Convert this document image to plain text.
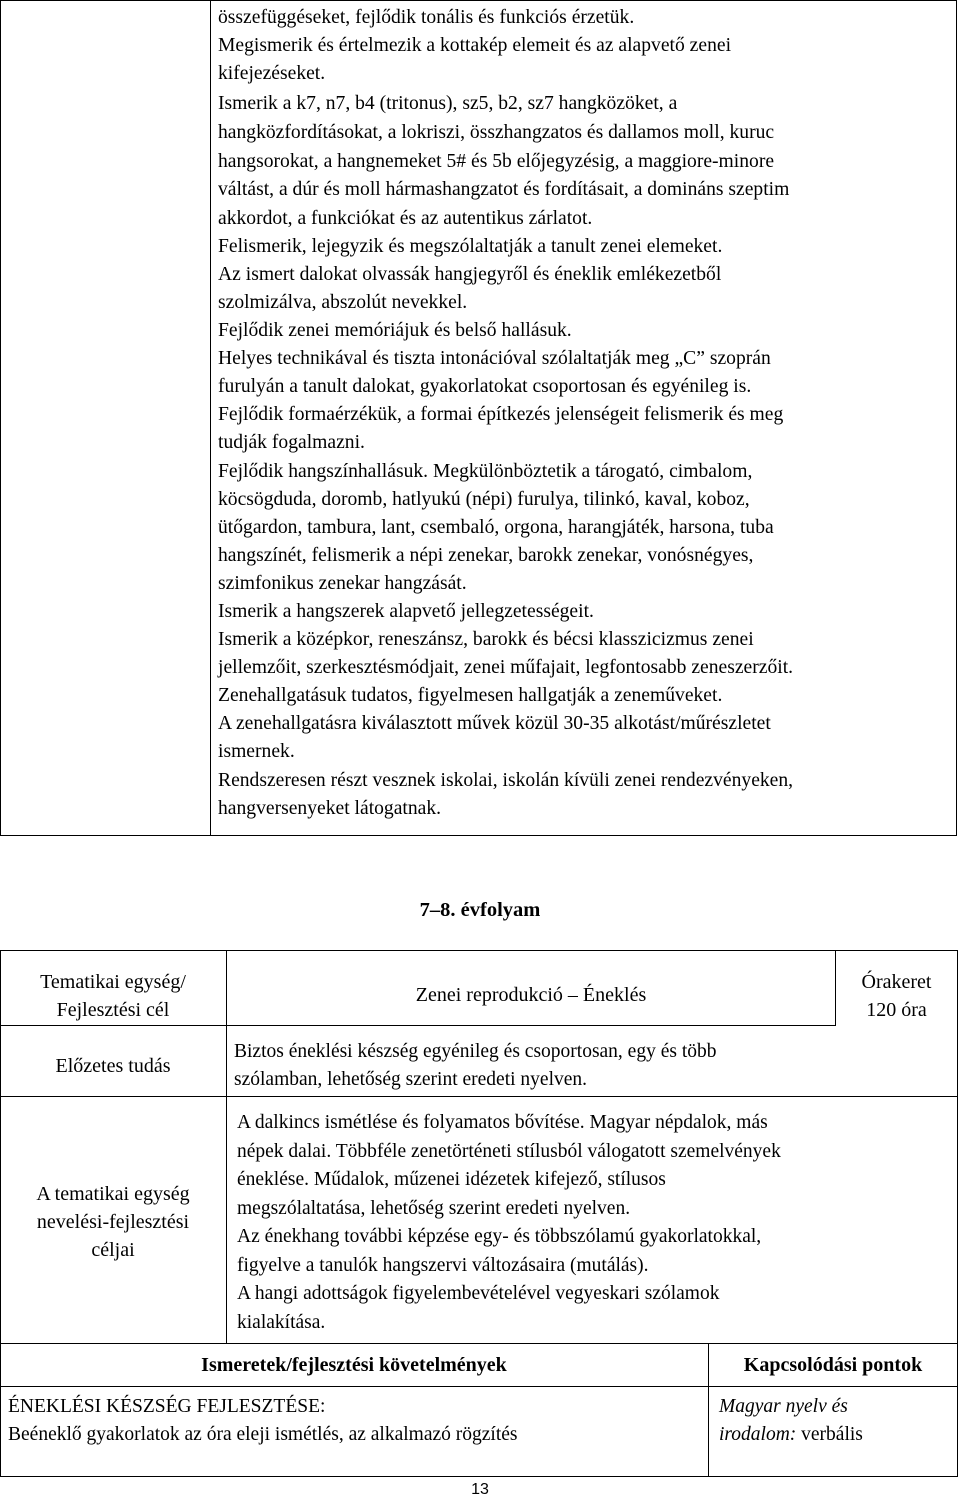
összefüggéseket, fejlődik tonális és funkciós érzetük.
Megismerik és értelmezik a kottakép elemeit és az alapvető zenei
kifejezéseket.
Ismerik a k7, n7, b4 (tritonus), sz5, b2, sz7 hangközöket, a
hangközfordításokat, a lokriszi, összhangzatos és dallamos moll, kuruc
hangsorokat, a hangnemeket 5# és 5b előjegyzésig, a maggiore-minore
váltást, a dúr és moll hármashangzatot és fordításait, a domináns szeptim
akkordot, a funkciókat és az autentikus zárlatot.
Felismerik, lejegyzik és megszólaltatják a tanult zenei elemeket.
Az ismert dalokat olvassák hangjegyről és éneklik emlékezetből
szolmizálva, abszolút nevekkel.
Fejlődik zenei memóriájuk és belső hallásuk.
Helyes technikával és tiszta intonációval szólaltatják meg „C” szoprán
furulyán a tanult dalokat, gyakorlatokat csoportosan és egyénileg is.
Fejlődik formaérzékük, a formai építkezés jelenségeit felismerik és meg
tudják fogalmazni.
Fejlődik hangszínhallásuk. Megkülönböztetik a tárogató, cimbalom,
köcsögduda, doromb, hatlyukú (népi) furulya, tilinkó, kaval, koboz,
ütőgardon, tambura, lant, csembaló, orgona, harangjáték, harsona, tuba
hangszínét, felismerik a népi zenekar, barokk zenekar, vonósnégyes,
szimfonikus zenekar hangzását.
Ismerik a hangszerek alapvető jellegzetességeit.
Ismerik a középkor, reneszánsz, barokk és bécsi klasszicizmus zenei
jellemzőit, szerkesztésmódjait, zenei műfajait, legfontosabb zeneszerzőit.
Zenehallgatásuk tudatos, figyelmesen hallgatják a zeneműveket.
A zenehallgatásra kiválasztott művek közül 30-35 alkotást/műrészletet
ismernek.
Rendszeresen részt vesznek iskolai, iskolán kívüli zenei rendezvényeken,
hangversenyeket látogatnak.
7–8. évfolyam
Tematikai egység/
Fejlesztési cél
Zenei reprodukció – Éneklés
Órakeret
120 óra
Előzetes tudás
Biztos éneklési készség egyénileg és csoportosan, egy és több
szólamban, lehetőség szerint eredeti nyelven.
A tematikai egység
nevelési-fejlesztési
céljai
A dalkincs ismétlése és folyamatos bővítése. Magyar népdalok, más
népek dalai. Többféle zenetörténeti stílusból válogatott szemelvények
éneklése. Műdalok, műzenei idézetek kifejező, stílusos
megszólaltatása, lehetőség szerint eredeti nyelven.
Az énekhang további képzése egy- és többszólamú gyakorlatokkal,
figyelve a tanulók hangszervi változásaira (mutálás).
A hangi adottságok figyelembevételével vegyeskari szólamok
kialakítása.
Ismeretek/fejlesztési követelmények	Kapcsolódási pontok
ÉNEKLÉSI KÉSZSÉG FEJLESZTÉSE:
Beéneklő gyakorlatok az óra eleji ismétlés, az alkalmazó rögzítés
Magyar nyelv és
irodalom: verbális
13
